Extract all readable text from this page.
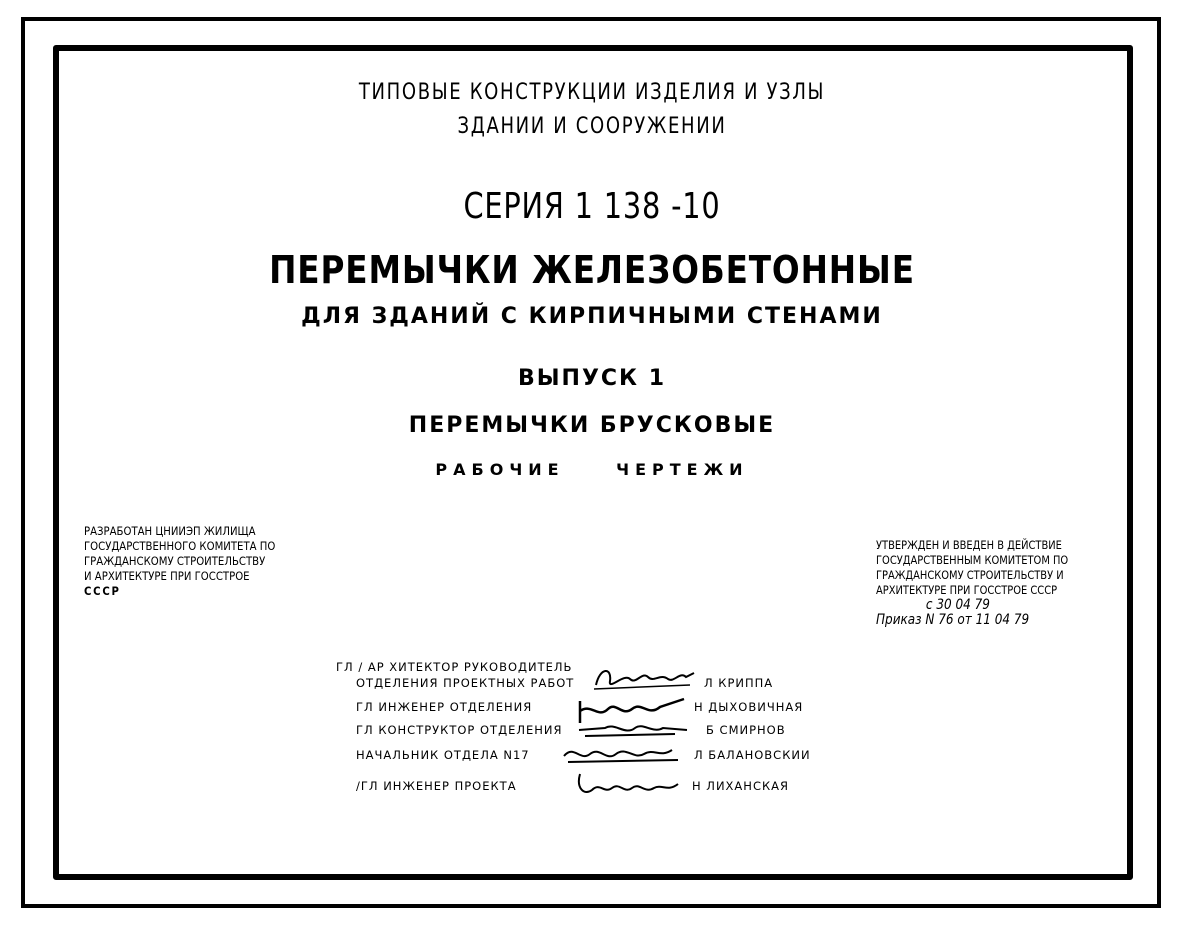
ТИПОВЫЕ КОНСТРУКЦИИ ИЗДЕЛИЯ И УЗЛЫ
ЗДАНИИ И СООРУЖЕНИИ
СЕРИЯ 1 138 -10
ПЕРЕМЫЧКИ ЖЕЛЕЗОБЕТОННЫЕ
ДЛЯ ЗДАНИЙ С КИРПИЧНЫМИ СТЕНАМИ
ВЫПУСК 1
ПЕРЕМЫЧКИ БРУСКОВЫЕ
РАБОЧИЕ ЧЕРТЕЖИ
РАЗРАБОТАН ЦНИИЭП ЖИЛИЩА
ГОСУДАРСТВЕННОГО КОМИТЕТА ПО
ГРАЖДАНСКОМУ СТРОИТЕЛЬСТВУ
И АРХИТЕКТУРЕ ПРИ ГОССТРОЕ
СССР
УТВЕРЖДЕН И ВВЕДЕН В ДЕЙСТВИЕ
ГОСУДАРСТВЕННЫМ КОМИТЕТОМ ПО
ГРАЖДАНСКОМУ СТРОИТЕЛЬСТВУ И
АРХИТЕКТУРЕ ПРИ ГОССТРОЕ СССР
с 30 04 79
Приказ N 76 от 11 04 79
ГЛ / АР ХИТЕКТОР РУКОВОДИТЕЛЬ
ОТДЕЛЕНИЯ ПРОЕКТНЫХ РАБОТ	Л КРИППА
ГЛ ИНЖЕНЕР ОТДЕЛЕНИЯ	Н ДЫХОВИЧНАЯ
ГЛ КОНСТРУКТОР ОТДЕЛЕНИЯ	Б СМИРНОВ
НАЧАЛЬНИК ОТДЕЛА N17	Л БАЛАНОВСКИИ
/ГЛ ИНЖЕНЕР ПРОЕКТА	Н ЛИХАНСКАЯ
